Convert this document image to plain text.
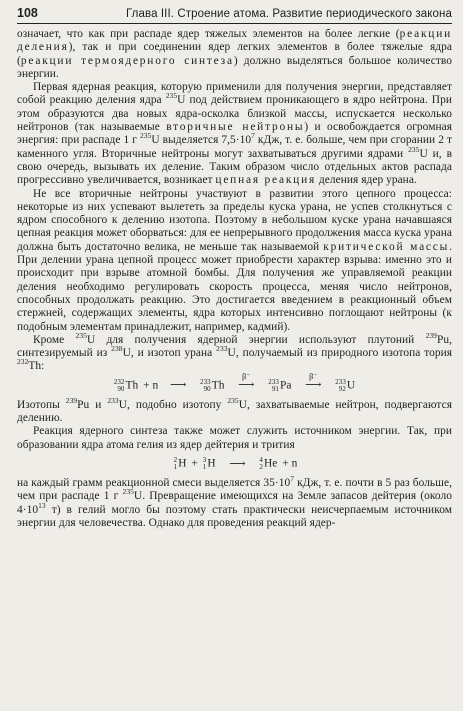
108	Глава III. Строение атома. Развитие периодического закона

означает, что как при распаде ядер тяжелых элементов на более легкие (реакции деления), так и при соединении ядер легких элементов в более тяжелые ядра (реакции термоядерного синтеза) должно выделяться большое количество энергии.

Первая ядерная реакция, которую применили для получения энергии, представляет собой реакцию деления ядра $^{235}$U под действием проникающего в ядро нейтрона. При этом образуются два новых ядра-осколка близкой массы, испускается несколько нейтронов (так называемые вторичные нейтроны) и освобождается огромная энергия: при распаде 1 г $^{235}$U выделяется $7,5\cdot 10^7$ кДж, т. е. больше, чем при сгорании 2 т каменного угля. Вторичные нейтроны могут захватываться другими ядрами $^{235}$U и, в свою очередь, вызывать их деление. Таким образом число отдельных актов распада прогрессивно увеличивается, возникает цепная реакция деления ядер урана.

Не все вторичные нейтроны участвуют в развитии этого цепного процесса: некоторые из них успевают вылететь за пределы куска урана, не успев столкнуться с ядром способного к делению изотопа. Поэтому в небольшом куске урана начавшаяся цепная реакция может оборваться: для ее непрерывного продолжения масса куска урана должна быть достаточно велика, не меньше так называемой критической массы. При делении урана цепной процесс может приобрести характер взрыва: именно это и происходит при взрыве атомной бомбы. Для получения же управляемой реакции деления необходимо регулировать скорость процесса, меняя число нейтронов, способных продолжать реакцию. Это достигается введением в реакционный объем стержней, содержащих элементы, ядра которых интенсивно поглощают нейтроны (к подобным элементам принадлежит, например, кадмий).

Кроме $^{235}$U для получения ядерной энергии используют плутоний $^{239}$Pu, синтезируемый из $^{238}$U, и изотоп урана $^{233}$U, получаемый из природного изотопа тория $^{232}$Th:

232
90 Th + n ⟶ 233
90 Th
β⁻
⟶ 233
91 Pa
β⁻
⟶ 233
92 U

Изотопы $^{239}$Pu и $^{233}$U, подобно изотопу $^{235}$U, захватываемые нейтрон, подвергаются делению.

Реакция ядерного синтеза также может служить источником энергии. Так, при образовании ядра атома гелия из ядер дейтерия и трития

2
1 H + 3
1 H ⟶ 4
2 He + n

на каждый грамм реакционной смеси выделяется $35\cdot 10^7$ кДж, т. е. почти в 5 раз больше, чем при распаде 1 г $^{235}$U. Превращение имеющихся на Земле запасов дейтерия (около $4\cdot 10^{13}$ т) в гелий могло бы поэтому стать практически неисчерпаемым источником энергии для человечества. Однако для проведения реакций ядер-
